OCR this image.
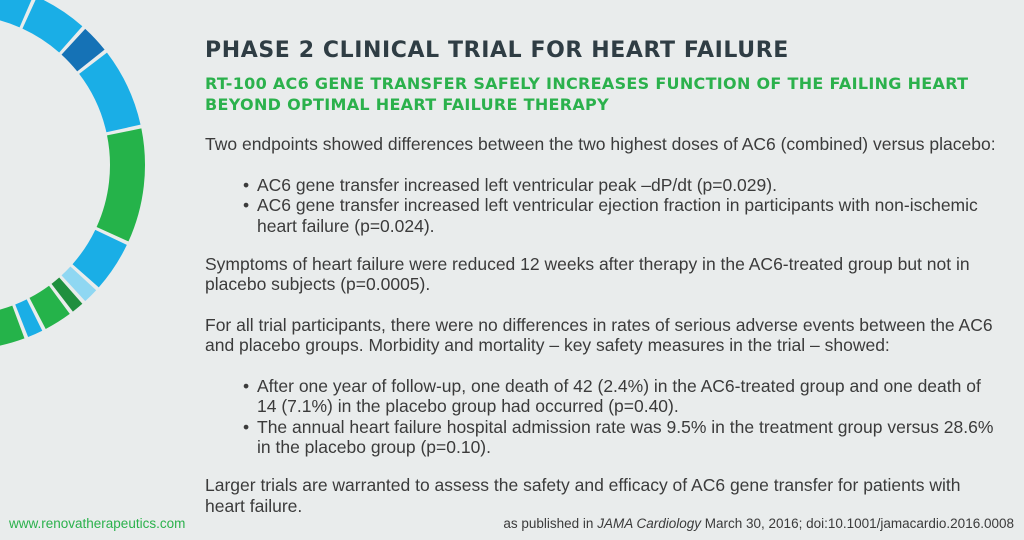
PHASE 2 CLINICAL TRIAL FOR HEART FAILURE
RT-100 AC6 GENE TRANSFER SAFELY INCREASES FUNCTION OF THE FAILING HEART BEYOND OPTIMAL HEART FAILURE THERAPY

Two endpoints showed differences between the two highest doses of AC6 (combined) versus placebo:

• AC6 gene transfer increased left ventricular peak –dP/dt (p=0.029).
• AC6 gene transfer increased left ventricular ejection fraction in participants with non-ischemic heart failure (p=0.024).

Symptoms of heart failure were reduced 12 weeks after therapy in the AC6-treated group but not in placebo subjects (p=0.0005).

For all trial participants, there were no differences in rates of serious adverse events between the AC6 and placebo groups. Morbidity and mortality – key safety measures in the trial – showed:

• After one year of follow-up, one death of 42 (2.4%) in the AC6-treated group and one death of 14 (7.1%) in the placebo group had occurred (p=0.40).
• The annual heart failure hospital admission rate was 9.5% in the treatment group versus 28.6% in the placebo group (p=0.10).

Larger trials are warranted to assess the safety and efficacy of AC6 gene transfer for patients with heart failure.

www.renovatherapeutics.com	as published in JAMA Cardiology March 30, 2016; doi:10.1001/jamacardio.2016.0008
